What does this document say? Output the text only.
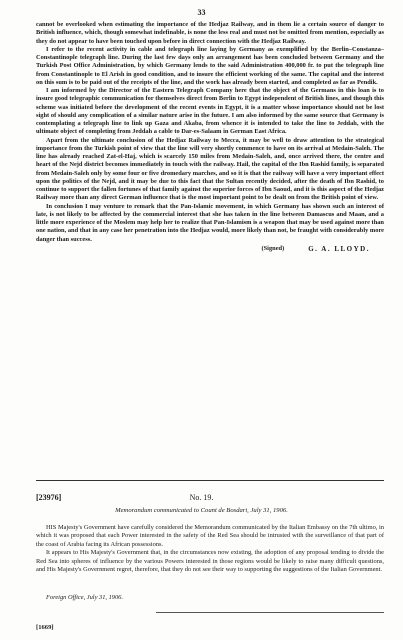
33

cannot be overlooked when estimating the importance of the Hedjaz Railway, and in them lie a certain source of danger to British influence, which, though somewhat indefinable, is none the less real and must not be omitted from mention, especially as they do not appear to have been touched upon before in direct connection with the Hedjaz Railway.

I refer to the recent activity in cable and telegraph line laying by Germany as exemplified by the Berlin–Constanza–Constantinople telegraph line. During the last few days only an arrangement has been concluded between Germany and the Turkish Post Office Administration, by which Germany lends to the said Administration 400,000 fr. to put the telegraph line from Constantinople to El Arish in good condition, and to insure the efficient working of the same. The capital and the interest on this sum is to be paid out of the receipts of the line, and the work has already been started, and completed as far as Pendik.

I am informed by the Director of the Eastern Telegraph Company here that the object of the Germans in this loan is to insure good telegraphic communication for themselves direct from Berlin to Egypt independent of British lines, and though this scheme was initiated before the development of the recent events in Egypt, it is a matter whose importance should not be lost sight of should any complication of a similar nature arise in the future. I am also informed by the same source that Germany is contemplating a telegraph line to link up Gaza and Akaba, from whence it is intended to take the line to Jeddah, with the ultimate object of completing from Jeddah a cable to Dar-es-Salaam in German East Africa.

Apart from the ultimate conclusion of the Hedjaz Railway to Mecca, it may be well to draw attention to the strategical importance from the Turkish point of view that the line will very shortly commence to have on its arrival at Medain-Saleh. The line has already reached Zat-el-Haj, which is scarcely 150 miles from Medain-Saleh, and, once arrived there, the centre and heart of the Nejd district becomes immediately in touch with the railway. Hail, the capital of the Ibn Rashid family, is separated from Medain-Saleh only by some four or five dromedary marches, and so it is that the railway will have a very important effect upon the politics of the Nejd, and it may be due to this fact that the Sultan recently decided, after the death of Ibn Rashid, to continue to support the fallen fortunes of that family against the superior forces of Ibn Saoud, and it is this aspect of the Hedjaz Railway more than any direct German influence that is the most important point to be dealt on from the British point of view.

In conclusion I may venture to remark that the Pan-Islamic movement, in which Germany has shown such an interest of late, is not likely to be affected by the commercial interest that she has taken in the line between Damascus and Maan, and a little more experience of the Moslem may help her to realize that Pan-Islamism is a weapon that may be used against more than one nation, and that in any case her penetration into the Hedjaz would, more likely than not, be fraught with considerably more danger than success.

(Signed)	G. A. LLOYD.
[23976]	No. 19.
Memorandum communicated to Count de Bosdari, July 31, 1906.

HIS Majesty's Government have carefully considered the Memorandum communicated by the Italian Embassy on the 7th ultimo, in which it was proposed that each Power interested in the safety of the Red Sea should be intrusted with the surveillance of that part of the coast of Arabia facing its African possessions.

It appears to His Majesty's Government that, in the circumstances now existing, the adoption of any proposal tending to divide the Red Sea into spheres of influence by the various Powers interested in those regions would be likely to raise many difficult questions, and His Majesty's Government regret, therefore, that they do not see their way to supporting the suggestions of the Italian Government.

Foreign Office, July 31, 1906.
[1669]
